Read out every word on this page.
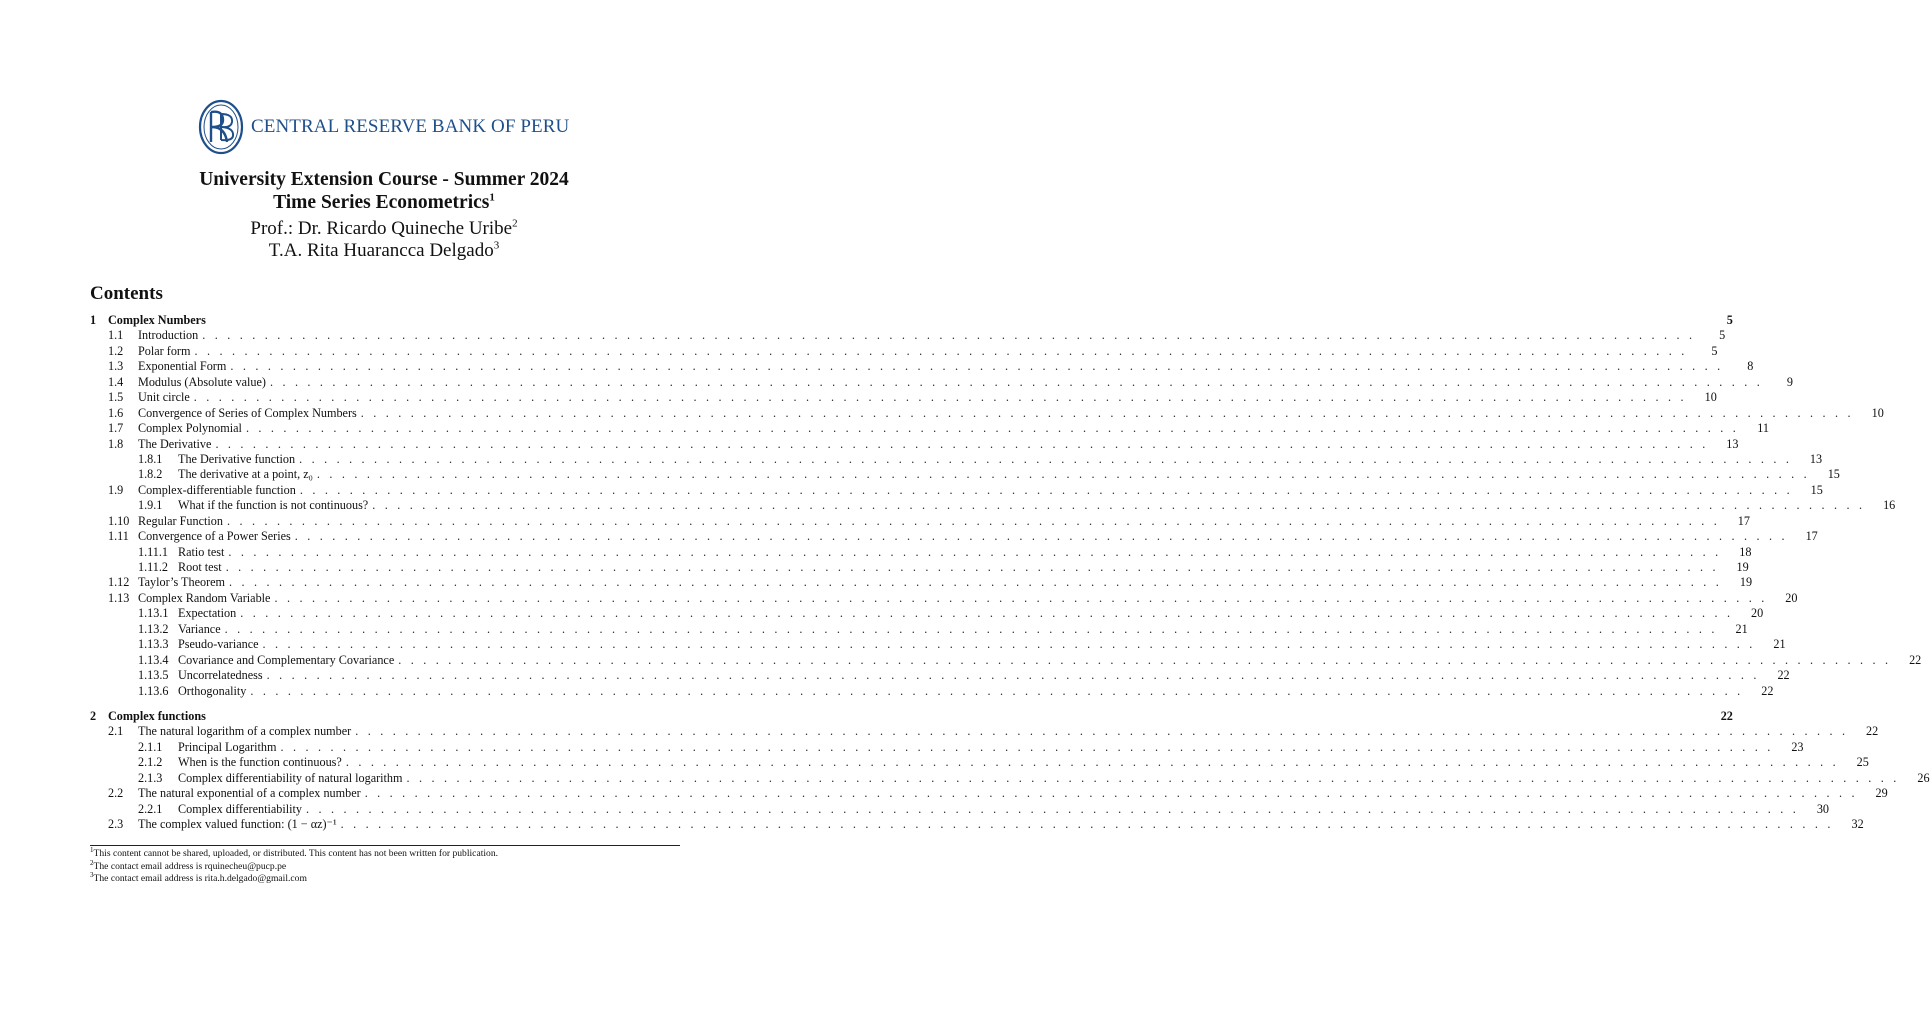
CENTRAL RESERVE BANK OF PERU
University Extension Course - Summer 2024
Time Series Econometrics$^1$
Prof.: Dr. Ricardo Quineche Uribe$^2$
T.A. Rita Huarancca Delgado$^3$
Contents
1 Complex Numbers	5
1.1	Introduction . . . . . . . . . . . . . . . . . . . . . . . . . . . . . . . . . . . . . . . . . . . . . . . . . . . . . . . . . . . . . . . . . . . . . . . . . . . . . . . . . . . . . . . . . . . . . . . . . . . . . . . . . . . . . . . . . . . . . . . .	5
1.2	Polar form . . . . . . . . . . . . . . . . . . . . . . . . . . . . . . . . . . . . . . . . . . . . . . . . . . . . . . . . . . . . . . . . . . . . . . . . . . . . . . . . . . . . . . . . . . . . . . . . . . . . . . . . . . . . . . . . . . . . . . . .	5
1.3	Exponential Form . . . . . . . . . . . . . . . . . . . . . . . . . . . . . . . . . . . . . . . . . . . . . . . . . . . . . . . . . . . . . . . . . . . . . . . . . . . . . . . . . . . . . . . . . . . . . . . . . . . . . . . . . . . . . . . . . . . . . . . .	8
1.4	Modulus (Absolute value) . . . . . . . . . . . . . . . . . . . . . . . . . . . . . . . . . . . . . . . . . . . . . . . . . . . . . . . . . . . . . . . . . . . . . . . . . . . . . . . . . . . . . . . . . . . . . . . . . . . . . . . . . . . . . . . . . . . . . . . .	9
1.5	Unit circle . . . . . . . . . . . . . . . . . . . . . . . . . . . . . . . . . . . . . . . . . . . . . . . . . . . . . . . . . . . . . . . . . . . . . . . . . . . . . . . . . . . . . . . . . . . . . . . . . . . . . . . . . . . . . . . . . . . . . . . .	10
1.6	Convergence of Series of Complex Numbers . . . . . . . . . . . . . . . . . . . . . . . . . . . . . . . . . . . . . . . . . . . . . . . . . . . . . . . . . . . . . . . . . . . . . . . . . . . . . . . . . . . . . . . . . . . . . . . . . . . . . . . . . . . . . . . . . . . . . . . .	10
1.7	Complex Polynomial . . . . . . . . . . . . . . . . . . . . . . . . . . . . . . . . . . . . . . . . . . . . . . . . . . . . . . . . . . . . . . . . . . . . . . . . . . . . . . . . . . . . . . . . . . . . . . . . . . . . . . . . . . . . . . . . . . . . . . . .	11
1.8	The Derivative . . . . . . . . . . . . . . . . . . . . . . . . . . . . . . . . . . . . . . . . . . . . . . . . . . . . . . . . . . . . . . . . . . . . . . . . . . . . . . . . . . . . . . . . . . . . . . . . . . . . . . . . . . . . . . . . . . . . . . . .	13
1.8.1	The Derivative function . . . . . . . . . . . . . . . . . . . . . . . . . . . . . . . . . . . . . . . . . . . . . . . . . . . . . . . . . . . . . . . . . . . . . . . . . . . . . . . . . . . . . . . . . . . . . . . . . . . . . . . . . . . . . . . . . . . . . . . .	13
1.8.2	The derivative at a point, z₀ . . . . . . . . . . . . . . . . . . . . . . . . . . . . . . . . . . . . . . . . . . . . . . . . . . . . . . . . . . . . . . . . . . . . . . . . . . . . . . . . . . . . . . . . . . . . . . . . . . . . . . . . . . . . . . . . . . . . . . . .	15
1.9	Complex-differentiable function . . . . . . . . . . . . . . . . . . . . . . . . . . . . . . . . . . . . . . . . . . . . . . . . . . . . . . . . . . . . . . . . . . . . . . . . . . . . . . . . . . . . . . . . . . . . . . . . . . . . . . . . . . . . . . . . . . . . . . . .	15
1.9.1	What if the function is not continuous? . . . . . . . . . . . . . . . . . . . . . . . . . . . . . . . . . . . . . . . . . . . . . . . . . . . . . . . . . . . . . . . . . . . . . . . . . . . . . . . . . . . . . . . . . . . . . . . . . . . . . . . . . . . . . . . . . . . . . . . .	16
1.10 Regular Function . . . . . . . . . . . . . . . . . . . . . . . . . . . . . . . . . . . . . . . . . . . . . . . . . . . . . . . . . . . . . . . . . . . . . . . . . . . . . . . . . . . . . . . . . . . . . . . . . . . . . . . . . . . . . . . . . . . . . . . .	17
1.11 Convergence of a Power Series . . . . . . . . . . . . . . . . . . . . . . . . . . . . . . . . . . . . . . . . . . . . . . . . . . . . . . . . . . . . . . . . . . . . . . . . . . . . . . . . . . . . . . . . . . . . . . . . . . . . . . . . . . . . . . . . . . . . . . . .	17
1.11.1 Ratio test . . . . . . . . . . . . . . . . . . . . . . . . . . . . . . . . . . . . . . . . . . . . . . . . . . . . . . . . . . . . . . . . . . . . . . . . . . . . . . . . . . . . . . . . . . . . . . . . . . . . . . . . . . . . . . . . . . . . . . . .	18
1.11.2 Root test . . . . . . . . . . . . . . . . . . . . . . . . . . . . . . . . . . . . . . . . . . . . . . . . . . . . . . . . . . . . . . . . . . . . . . . . . . . . . . . . . . . . . . . . . . . . . . . . . . . . . . . . . . . . . . . . . . . . . . . .	19
1.12 Taylor’s Theorem . . . . . . . . . . . . . . . . . . . . . . . . . . . . . . . . . . . . . . . . . . . . . . . . . . . . . . . . . . . . . . . . . . . . . . . . . . . . . . . . . . . . . . . . . . . . . . . . . . . . . . . . . . . . . . . . . . . . . . . .	19
1.13 Complex Random Variable . . . . . . . . . . . . . . . . . . . . . . . . . . . . . . . . . . . . . . . . . . . . . . . . . . . . . . . . . . . . . . . . . . . . . . . . . . . . . . . . . . . . . . . . . . . . . . . . . . . . . . . . . . . . . . . . . . . . . . . .	20
1.13.1 Expectation . . . . . . . . . . . . . . . . . . . . . . . . . . . . . . . . . . . . . . . . . . . . . . . . . . . . . . . . . . . . . . . . . . . . . . . . . . . . . . . . . . . . . . . . . . . . . . . . . . . . . . . . . . . . . . . . . . . . . . . .	20
1.13.2 Variance . . . . . . . . . . . . . . . . . . . . . . . . . . . . . . . . . . . . . . . . . . . . . . . . . . . . . . . . . . . . . . . . . . . . . . . . . . . . . . . . . . . . . . . . . . . . . . . . . . . . . . . . . . . . . . . . . . . . . . . .	21
1.13.3 Pseudo-variance . . . . . . . . . . . . . . . . . . . . . . . . . . . . . . . . . . . . . . . . . . . . . . . . . . . . . . . . . . . . . . . . . . . . . . . . . . . . . . . . . . . . . . . . . . . . . . . . . . . . . . . . . . . . . . . . . . . . . . . .	21
1.13.4 Covariance and Complementary Covariance . . . . . . . . . . . . . . . . . . . . . . . . . . . . . . . . . . . . . . . . . . . . . . . . . . . . . . . . . . . . . . . . . . . . . . . . . . . . . . . . . . . . . . . . . . . . . . . . . . . . . . . . . . . . . . . . . . . . . . . .	22
1.13.5 Uncorrelatedness . . . . . . . . . . . . . . . . . . . . . . . . . . . . . . . . . . . . . . . . . . . . . . . . . . . . . . . . . . . . . . . . . . . . . . . . . . . . . . . . . . . . . . . . . . . . . . . . . . . . . . . . . . . . . . . . . . . . . . . .	22
1.13.6 Orthogonality . . . . . . . . . . . . . . . . . . . . . . . . . . . . . . . . . . . . . . . . . . . . . . . . . . . . . . . . . . . . . . . . . . . . . . . . . . . . . . . . . . . . . . . . . . . . . . . . . . . . . . . . . . . . . . . . . . . . . . . .	22
2 Complex functions	22
2.1	The natural logarithm of a complex number . . . . . . . . . . . . . . . . . . . . . . . . . . . . . . . . . . . . . . . . . . . . . . . . . . . . . . . . . . . . . . . . . . . . . . . . . . . . . . . . . . . . . . . . . . . . . . . . . . . . . . . . . . . . . . . . . . . . . . . .	22
2.1.1	Principal Logarithm . . . . . . . . . . . . . . . . . . . . . . . . . . . . . . . . . . . . . . . . . . . . . . . . . . . . . . . . . . . . . . . . . . . . . . . . . . . . . . . . . . . . . . . . . . . . . . . . . . . . . . . . . . . . . . . . . . . . . . . .	23
2.1.2	When is the function continuous? . . . . . . . . . . . . . . . . . . . . . . . . . . . . . . . . . . . . . . . . . . . . . . . . . . . . . . . . . . . . . . . . . . . . . . . . . . . . . . . . . . . . . . . . . . . . . . . . . . . . . . . . . . . . . . . . . . . . . . . .	25
2.1.3	Complex differentiability of natural logarithm . . . . . . . . . . . . . . . . . . . . . . . . . . . . . . . . . . . . . . . . . . . . . . . . . . . . . . . . . . . . . . . . . . . . . . . . . . . . . . . . . . . . . . . . . . . . . . . . . . . . . . . . . . . . . . . . . . . . . . . .	26
2.2	The natural exponential of a complex number . . . . . . . . . . . . . . . . . . . . . . . . . . . . . . . . . . . . . . . . . . . . . . . . . . . . . . . . . . . . . . . . . . . . . . . . . . . . . . . . . . . . . . . . . . . . . . . . . . . . . . . . . . . . . . . . . . . . . . . .	29
2.2.1	Complex differentiability . . . . . . . . . . . . . . . . . . . . . . . . . . . . . . . . . . . . . . . . . . . . . . . . . . . . . . . . . . . . . . . . . . . . . . . . . . . . . . . . . . . . . . . . . . . . . . . . . . . . . . . . . . . . . . . . . . . . . . . .	30
2.3	The complex valued function: (1 − αz)⁻¹ . . . . . . . . . . . . . . . . . . . . . . . . . . . . . . . . . . . . . . . . . . . . . . . . . . . . . . . . . . . . . . . . . . . . . . . . . . . . . . . . . . . . . . . . . . . . . . . . . . . . . . . . . . . . . . . . . . . . . . . .	32
$^1$This content cannot be shared, uploaded, or distributed. This content has not been written for publication.
$^2$The contact email address is rquinecheu@pucp.pe
$^3$The contact email address is rita.h.delgado@gmail.com
